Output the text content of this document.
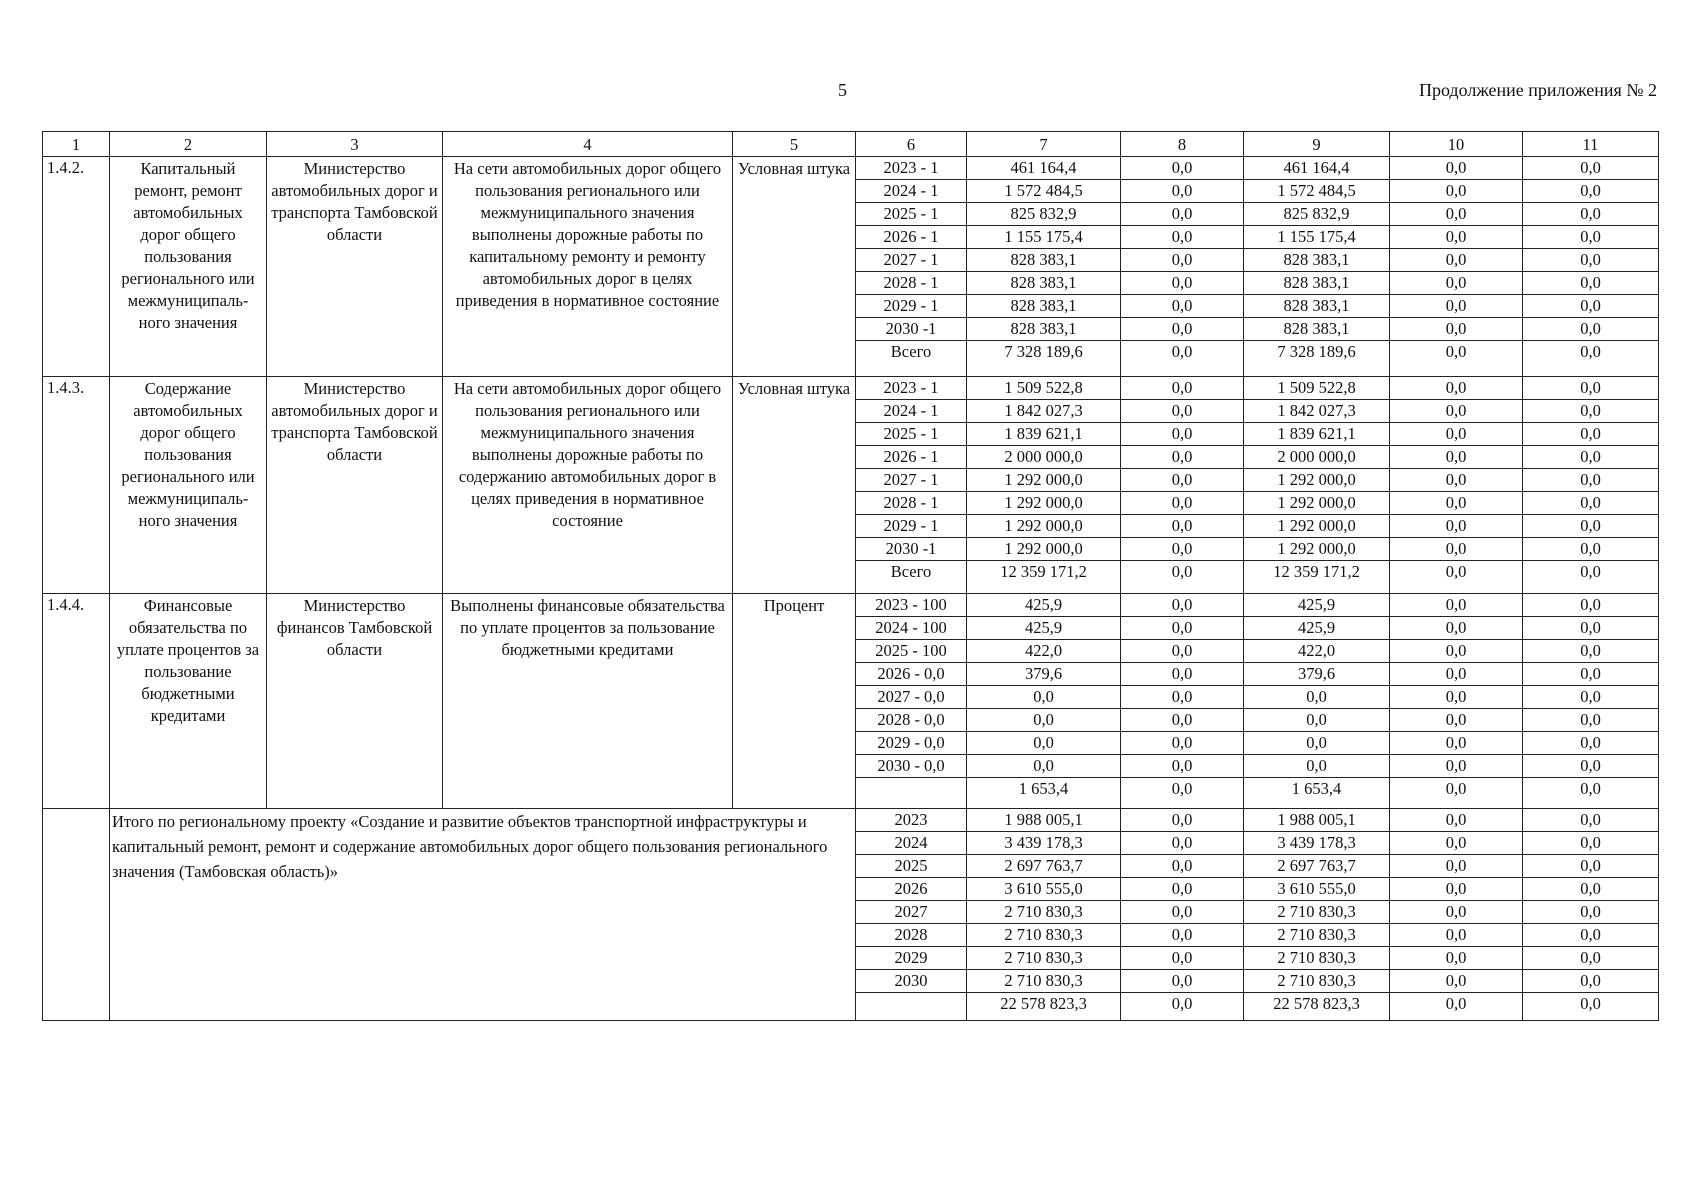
5	Продолжение приложения № 2
1	2	3	4	5	6	7	8	9	10	11
1.4.2.	Капитальный ремонт, ремонт автомобильных дорог общего пользования регионального или межмуниципаль-ного значения	Министерство автомобильных дорог и транспорта Тамбовской области	На сети автомобильных дорог общего пользования регионального или межмуниципального значения выполнены дорожные работы по капитальному ремонту и ремонту автомобильных дорог в целях приведения в нормативное состояние	Условная штука	2023 - 1	461 164,4	0,0	461 164,4	0,0	0,0
					2024 - 1	1 572 484,5	0,0	1 572 484,5	0,0	0,0
					2025 - 1	825 832,9	0,0	825 832,9	0,0	0,0
					2026 - 1	1 155 175,4	0,0	1 155 175,4	0,0	0,0
					2027 - 1	828 383,1	0,0	828 383,1	0,0	0,0
					2028 - 1	828 383,1	0,0	828 383,1	0,0	0,0
					2029 - 1	828 383,1	0,0	828 383,1	0,0	0,0
					2030 -1	828 383,1	0,0	828 383,1	0,0	0,0
					Всего	7 328 189,6	0,0	7 328 189,6	0,0	0,0
1.4.3.	Содержание автомобильных дорог общего пользования регионального или межмуниципаль-ного значения	Министерство автомобильных дорог и транспорта Тамбовской области	На сети автомобильных дорог общего пользования регионального или межмуниципального значения выполнены дорожные работы по содержанию автомобильных дорог в целях приведения в нормативное состояние	Условная штука	2023 - 1	1 509 522,8	0,0	1 509 522,8	0,0	0,0
					2024 - 1	1 842 027,3	0,0	1 842 027,3	0,0	0,0
					2025 - 1	1 839 621,1	0,0	1 839 621,1	0,0	0,0
					2026 - 1	2 000 000,0	0,0	2 000 000,0	0,0	0,0
					2027 - 1	1 292 000,0	0,0	1 292 000,0	0,0	0,0
					2028 - 1	1 292 000,0	0,0	1 292 000,0	0,0	0,0
					2029 - 1	1 292 000,0	0,0	1 292 000,0	0,0	0,0
					2030 -1	1 292 000,0	0,0	1 292 000,0	0,0	0,0
					Всего	12 359 171,2	0,0	12 359 171,2	0,0	0,0
1.4.4.	Финансовые обязательства по уплате процентов за пользование бюджетными кредитами	Министерство финансов Тамбовской области	Выполнены финансовые обязательства по уплате процентов за пользование бюджетными кредитами	Процент	2023 - 100	425,9	0,0	425,9	0,0	0,0
					2024 - 100	425,9	0,0	425,9	0,0	0,0
					2025 - 100	422,0	0,0	422,0	0,0	0,0
					2026 - 0,0	379,6	0,0	379,6	0,0	0,0
					2027 - 0,0	0,0	0,0	0,0	0,0	0,0
					2028 - 0,0	0,0	0,0	0,0	0,0	0,0
					2029 - 0,0	0,0	0,0	0,0	0,0	0,0
					2030 - 0,0	0,0	0,0	0,0	0,0	0,0
						1 653,4	0,0	1 653,4	0,0	0,0
	Итого по региональному проекту «Создание и развитие объектов транспортной инфраструктуры и капитальный ремонт, ремонт и содержание автомобильных дорог общего пользования регионального значения (Тамбовская область)»				2023	1 988 005,1	0,0	1 988 005,1	0,0	0,0
					2024	3 439 178,3	0,0	3 439 178,3	0,0	0,0
					2025	2 697 763,7	0,0	2 697 763,7	0,0	0,0
					2026	3 610 555,0	0,0	3 610 555,0	0,0	0,0
					2027	2 710 830,3	0,0	2 710 830,3	0,0	0,0
					2028	2 710 830,3	0,0	2 710 830,3	0,0	0,0
					2029	2 710 830,3	0,0	2 710 830,3	0,0	0,0
					2030	2 710 830,3	0,0	2 710 830,3	0,0	0,0
						22 578 823,3	0,0	22 578 823,3	0,0	0,0
